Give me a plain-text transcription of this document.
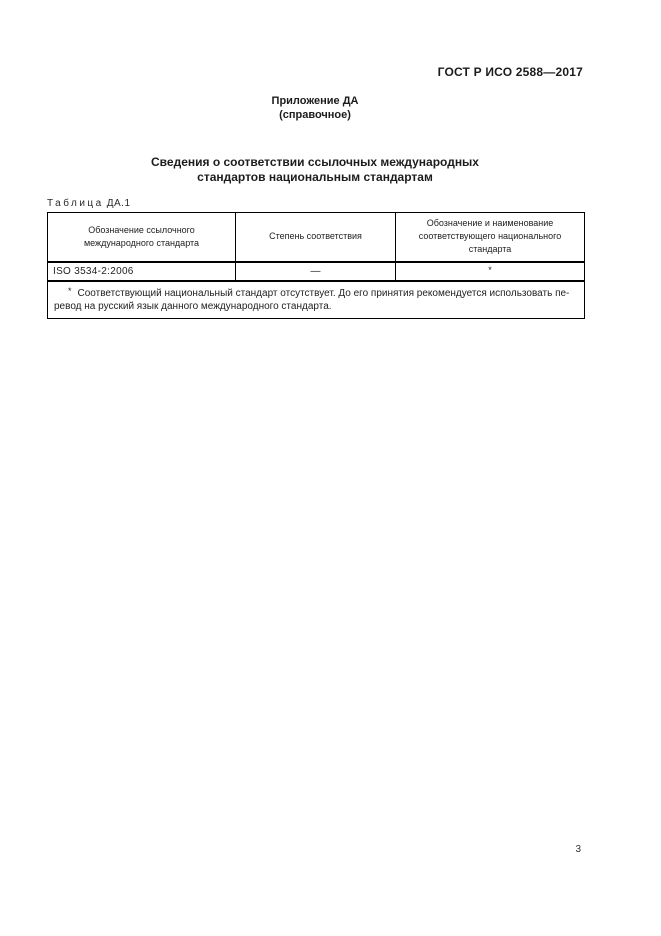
ГОСТ Р ИСО 2588—2017
Приложение ДА
(справочное)
Сведения о соответствии ссылочных международных
стандартов национальным стандартам
Таблица ДА.1
Обозначение ссылочного международного стандарта	Степень соответствия	Обозначение и наименование соответствующего национального стандарта
ISO 3534-2:2006	—	*

* Соответствующий национальный стандарт отсутствует. До его принятия рекомендуется использовать пе-
ревод на русский язык данного международного стандарта.		
3
